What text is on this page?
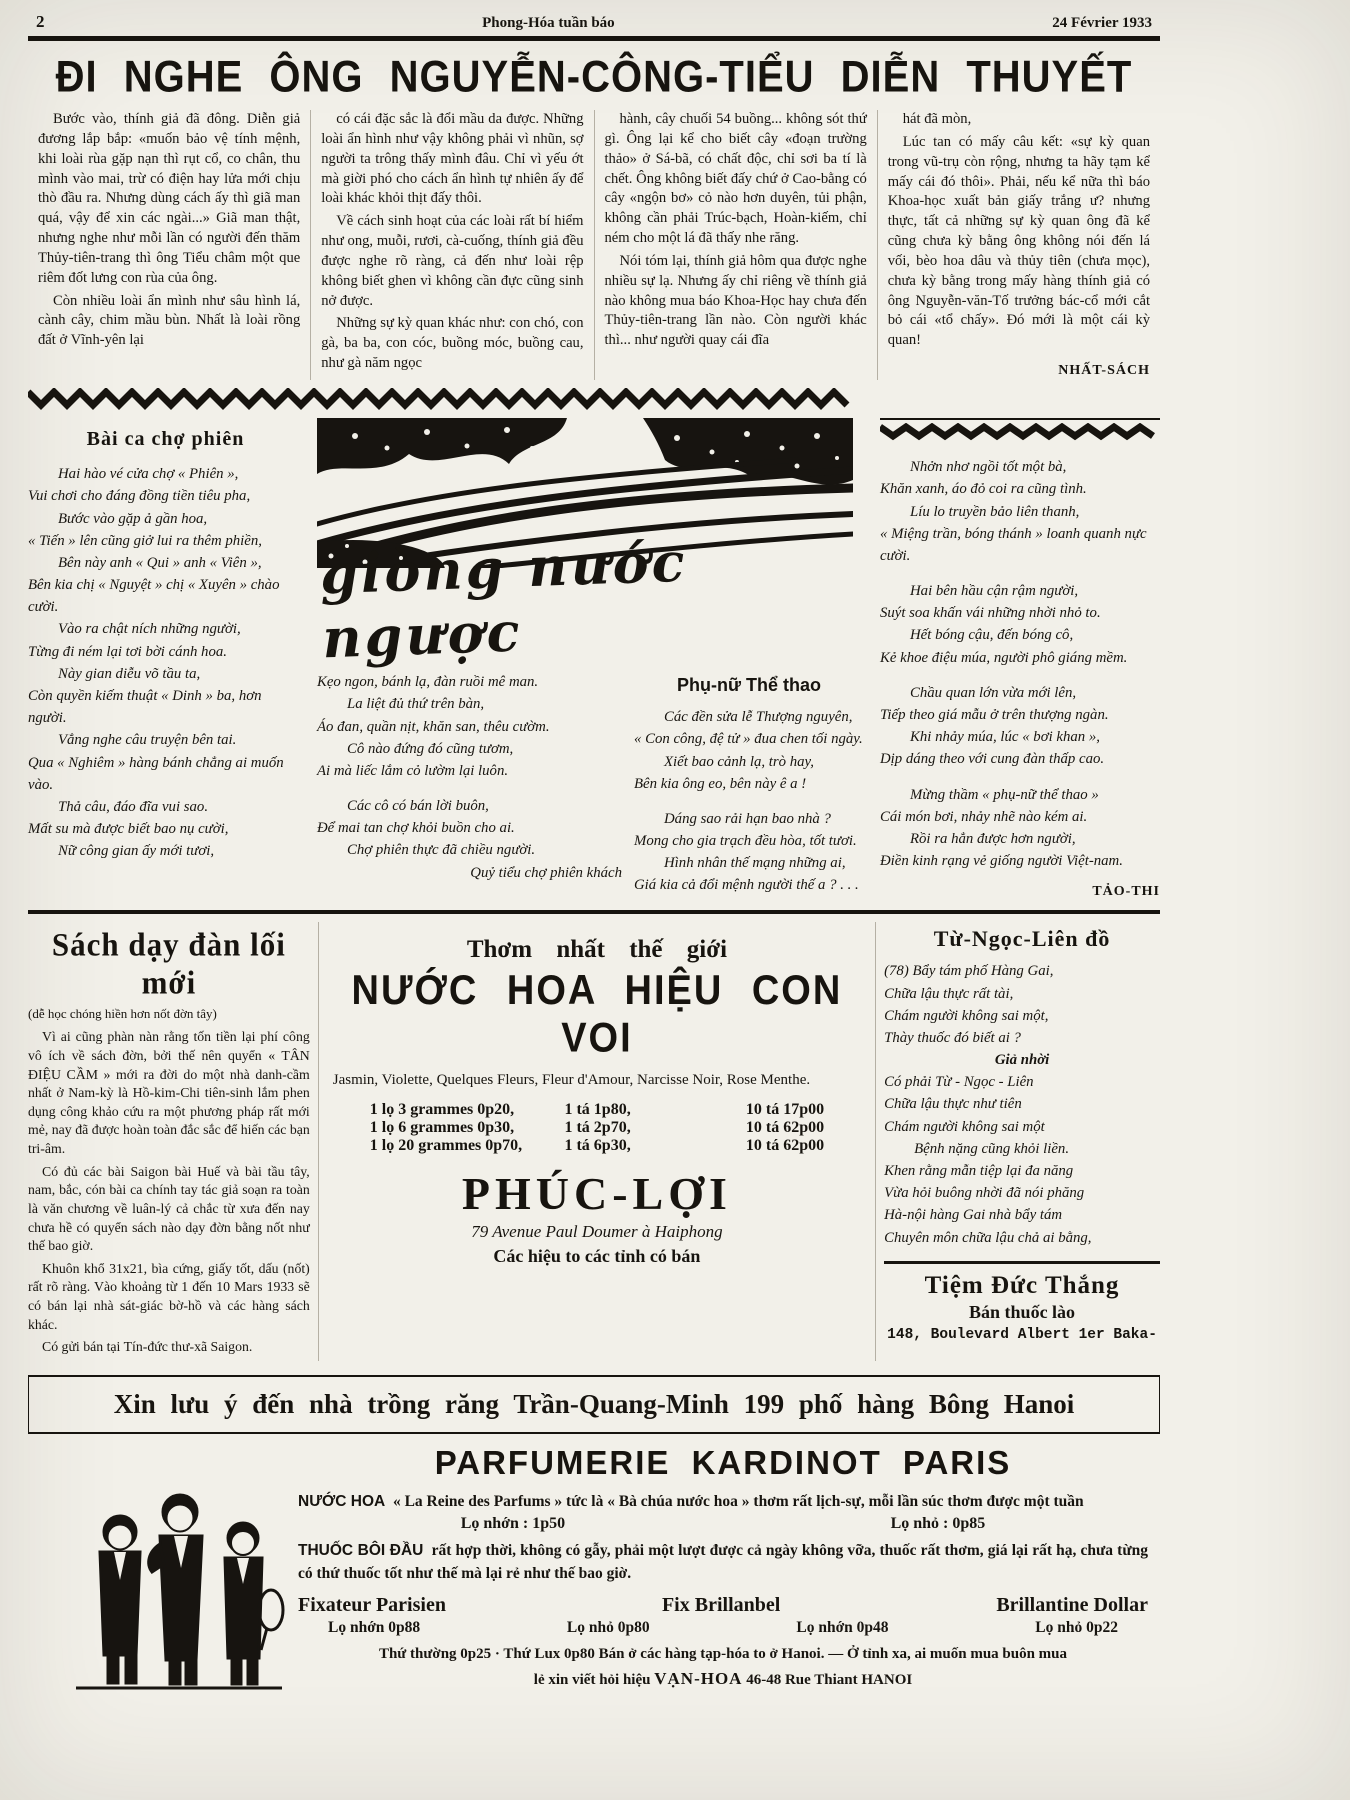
2	Phong-Hóa tuần báo	24 Février 1933
ĐI NGHE ÔNG NGUYỄN-CÔNG-TIỂU DIỄN THUYẾT

Bước vào, thính giả đã đông. Diễn giả đương lắp bắp: «muốn bảo vệ tính mệnh, khi loài rùa gặp nạn thì rụt cổ, co chân, thu mình vào mai, trừ có điện hay lửa mới chịu thò đầu ra. Nhưng dùng cách ấy thì giã man quá, vậy để xin các ngài...» Giã man thật, nhưng nghe như mỗi lần có người đến thăm Thủy-tiên-trang thì ông Tiểu châm một que riêm đốt lưng con rùa của ông.

Còn nhiều loài ẩn mình như sâu hình lá, cành cây, chim mầu bùn. Nhất là loài rồng đất ở Vĩnh-yên lại

có cái đặc sắc là đổi mầu da được. Những loài ẩn hình như vậy không phải vì nhũn, sợ người ta trông thấy mình đâu. Chỉ vì yếu ớt mà giời phó cho cách ẩn hình tự nhiên ấy để loài khác khỏi thịt đấy thôi.

Về cách sinh hoạt của các loài rất bí hiểm như ong, muỗi, rươi, cà-cuống, thính giả đều được nghe rõ ràng, cả đến như loài rệp không biết ghen vì không cần đực cũng sinh nở được.

Những sự kỳ quan khác như: con chó, con gà, ba ba, con cóc, buồng móc, buồng cau, như gà năm ngọc

hành, cây chuối 54 buồng... không sót thứ gì. Ông lại kể cho biết cây «đoạn trường thảo» ở Sá-bã, có chất độc, chỉ sơi ba tí là chết. Ông không biết đấy chứ ở Cao-bằng có cây «ngộn bơ» cỏ nào hơn duyên, tủi phận, không cần phải Trúc-bạch, Hoàn-kiếm, chỉ ném cho một lá đã thấy nhe răng.

Nói tóm lại, thính giả hôm qua được nghe nhiều sự lạ. Nhưng ấy chỉ riêng về thính giả nào không mua báo Khoa-Học hay chưa đến Thủy-tiên-trang lần nào. Còn người khác thì... như người quay cái đĩa

hát đã mòn,

Lúc tan có mấy câu kết: «sự kỳ quan trong vũ-trụ còn rộng, nhưng ta hãy tạm kể mấy cái đó thôi». Phải, nếu kể nữa thì báo Khoa-học xuất bản giấy trắng ư? nhưng thực, tất cả những sự kỳ quan ông đã kể cũng chưa kỳ bằng ông không nói đến lá vối, bèo hoa dâu và thủy tiên (chưa mọc), chưa kỳ bằng trong mấy hàng thính giả có ông Nguyễn-văn-Tố trưởng bác-cổ mới cắt bỏ cái «tổ chấy». Đó mới là một cái kỳ quan!

NHẤT-SÁCH
Bài ca chợ phiên
Hai hào vé cửa chợ « Phiên »,
Vui chơi cho đáng đồng tiền tiêu pha,
Bước vào gặp ả gần hoa,
« Tiến » lên cũng giở lui ra thêm phiền,
Bên này anh « Qui » anh « Viên »,
Bên kia chị « Nguyệt » chị « Xuyên » chào cười.
Vào ra chật ních những người,
Từng đi ném lại tơi bời cánh hoa.
Này gian diễu võ tầu ta,
Còn quyền kiếm thuật « Dinh » ba, hơn người.
Vẳng nghe câu truyện bên tai.
Qua « Nghiêm » hàng bánh chẳng ai muốn vào.
Thả câu, đáo đĩa vui sao.
Mất su mà được biết bao nụ cười,
Nữ công gian ấy mới tươi,
giòng nước ngược
Kẹo ngon, bánh lạ, đàn ruồi mê man.
La liệt đủ thứ trên bàn,
Áo đan, quần nịt, khăn san, thêu cườm.
Cô nào đứng đó cũng tươm,
Ai mà liếc lắm cỏ lườm lại luôn.
Các cô có bán lời buôn,
Để mai tan chợ khỏi buồn cho ai.
Chợ phiên thực đã chiều người.
Quỷ tiểu chợ phiên khách
Phụ-nữ Thể thao
Các đền sửa lễ Thượng nguyên,
« Con công, đệ tử » đua chen tối ngày.
Xiết bao cảnh lạ, trò hay,
Bên kia ông eo, bên này ê a !
Dáng sao rải hạn bao nhà ?
Mong cho gia trạch đều hòa, tốt tươi.
Hình nhân thế mạng những ai,
Giá kia cả đổi mệnh người thế a ? . . .
Nhởn nhơ ngồi tốt một bà,
Khăn xanh, áo đỏ coi ra cũng tình.
Líu lo truyền bảo liên thanh,
« Miệng trần, bóng thánh » loanh quanh nực cười.
Hai bên hầu cận rậm người,
Suýt soa khấn vái những nhời nhỏ to.
Hết bóng cậu, đến bóng cô,
Kẻ khoe điệu múa, người phô giáng mềm.
Chầu quan lớn vừa mới lên,
Tiếp theo giá mẫu ở trên thượng ngàn.
Khi nhảy múa, lúc « bơi khan »,
Dịp dáng theo với cung đàn thấp cao.
Mừng thầm « phụ-nữ thể thao »
Cái món bơi, nhảy nhẽ nào kém ai.
Rồi ra hẳn được hơn người,
Điền kinh rạng vẻ giống người Việt-nam.
TẢO-THI
Sách dạy đàn lối mới
(dễ học chóng hiền hơn nốt đờn tây)

Vì ai cũng phàn nàn rằng tốn tiền lại phí công vô ích về sách đờn, bởi thế nên quyển « TÂN ĐIỆU CẦM » mới ra đời do một nhà danh-cầm nhất ở Nam-kỳ là Hồ-kim-Chi tiên-sinh lắm phen dụng công khảo cứu ra một phương pháp rất mới mẻ, nay đã được hoàn toàn đắc sắc để hiến các bạn tri-âm.

Có đủ các bài Saigon bài Huế và bài tầu tây, nam, bắc, cón bài ca chính tay tác giả soạn ra toàn là văn chương về luân-lý cả chắc từ xưa đến nay chưa hề có quyển sách nào dạy đờn bằng nốt như thế bao giờ.

Khuôn khổ 31x21, bìa cứng, giấy tốt, dấu (nốt) rất rõ ràng. Vào khoảng từ 1 đến 10 Mars 1933 sẽ có bán lại nhà sát-giác bờ-hồ và các hàng sách khác.

Có gửi bán tại Tín-đức thư-xã Saigon.

Thơm nhất thế giới
NƯỚC HOA HIỆU CON VOI
Jasmin, Violette, Quelques Fleurs, Fleur d'Amour, Narcisse Noir, Rose Menthe.
1 lọ 3 grammes 0p20,	1 tá 1p80,	10 tá 17p00
1 lọ 6 grammes 0p30,	1 tá 2p70,	10 tá 62p00
1 lọ 20 grammes 0p70,	1 tá 6p30,	10 tá 62p00
PHÚC-LỢI
79 Avenue Paul Doumer à Haiphong
Các hiệu to các tỉnh có bán
Từ-Ngọc-Liên đồ
(78) Bẩy tám phố Hàng Gai,
Chữa lậu thực rất tài,
Chám người không sai một,
Thày thuốc đó biết ai ?
Giả nhời
Có phải Từ - Ngọc - Liên
Chữa lậu thực như tiên
Chám người không sai một
Bệnh nặng cũng khỏi liền.
Khen rằng mẫn tiệp lại đa năng
Vừa hỏi buông nhời đã nói phăng
Hà-nội hàng Gai nhà bẩy tám
Chuyên môn chữa lậu chả ai bằng,
Tiệm Đức Thắng
Bán thuốc lào
148, Boulevard Albert 1er Baka-
Xin lưu ý đến nhà trồng răng Trần-Quang-Minh 199 phố hàng Bông Hanoi
PARFUMERIE KARDINOT PARIS
NƯỚC HOA « La Reine des Parfums » tức là « Bà chúa nước hoa » thơm rất lịch-sự, mỗi lần súc thơm được một tuần
Lọ nhớn : 1p50	Lọ nhỏ : 0p85
THUỐC BÔI ĐẦU rất hợp thời, không có gẫy, phải một lượt được cả ngày không vỡa, thuốc rất thơm, giá lại rất hạ, chưa từng có thứ thuốc tốt như thế mà lại rẻ như thế bao giờ.
Fixateur Parisien	Fix Brillanbel	Brillantine Dollar
Lọ nhớn 0p88	Lọ nhỏ 0p80	Lọ nhớn 0p48	Lọ nhỏ 0p22
Thứ thường 0p25 · Thứ Lux 0p80 Bán ở các hàng tạp-hóa to ở Hanoi. — Ở tỉnh xa, ai muốn mua buôn mua
lẻ xin viết hỏi hiệu VẠN-HOA 46-48 Rue Thiant HANOI
